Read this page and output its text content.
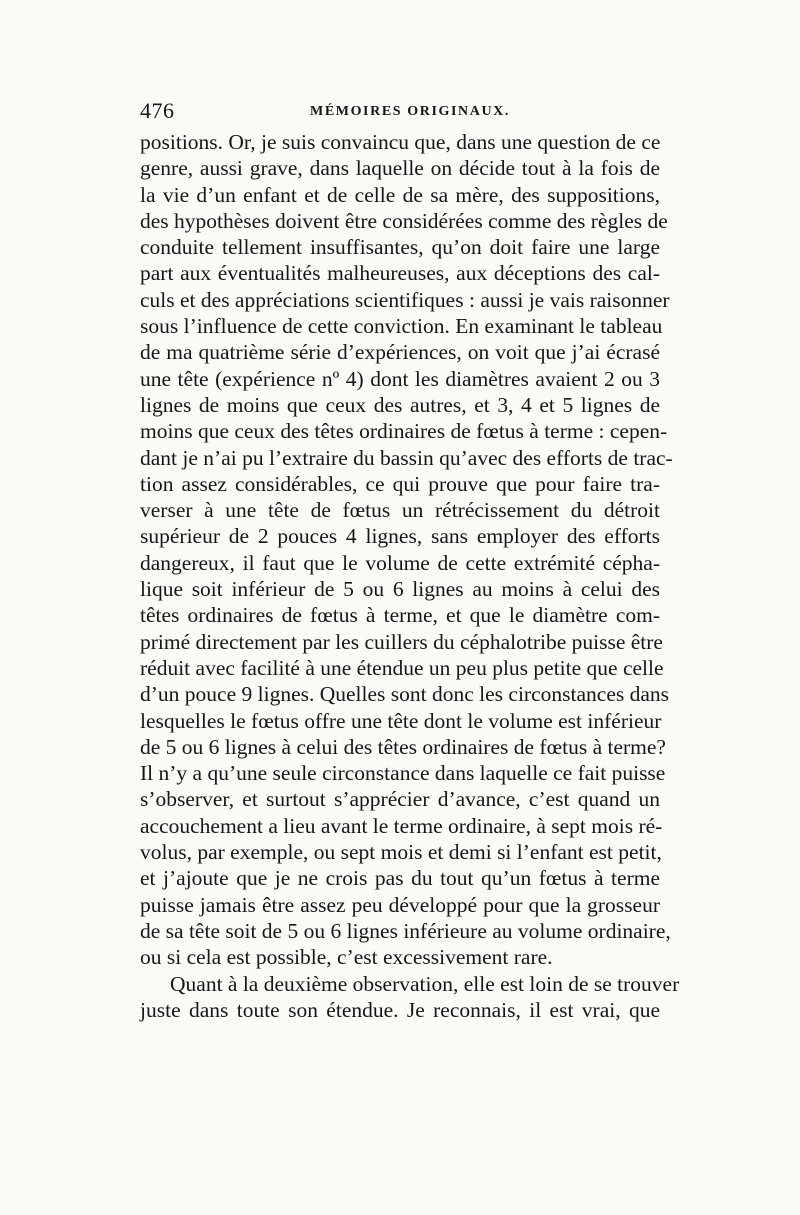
476	MÉMOIRES ORIGINAUX.
positions. Or, je suis convaincu que, dans une question de ce
genre, aussi grave, dans laquelle on décide tout à la fois de
la vie d’un enfant et de celle de sa mère, des suppositions,
des hypothèses doivent être considérées comme des règles de
conduite tellement insuffisantes, qu’on doit faire une large
part aux éventualités malheureuses, aux déceptions des cal-
culs et des appréciations scientifiques : aussi je vais raisonner
sous l’influence de cette conviction. En examinant le tableau
de ma quatrième série d’expériences, on voit que j’ai écrasé
une tête (expérience nº 4) dont les diamètres avaient 2 ou 3
lignes de moins que ceux des autres, et 3, 4 et 5 lignes de
moins que ceux des têtes ordinaires de fœtus à terme : cepen-
dant je n’ai pu l’extraire du bassin qu’avec des efforts de trac-
tion assez considérables, ce qui prouve que pour faire tra-
verser à une tête de fœtus un rétrécissement du détroit
supérieur de 2 pouces 4 lignes, sans employer des efforts
dangereux, il faut que le volume de cette extrémité cépha-
lique soit inférieur de 5 ou 6 lignes au moins à celui des
têtes ordinaires de fœtus à terme, et que le diamètre com-
primé directement par les cuillers du céphalotribe puisse être
réduit avec facilité à une étendue un peu plus petite que celle
d’un pouce 9 lignes. Quelles sont donc les circonstances dans
lesquelles le fœtus offre une tête dont le volume est inférieur
de 5 ou 6 lignes à celui des têtes ordinaires de fœtus à terme?
Il n’y a qu’une seule circonstance dans laquelle ce fait puisse
s’observer, et surtout s’apprécier d’avance, c’est quand un
accouchement a lieu avant le terme ordinaire, à sept mois ré-
volus, par exemple, ou sept mois et demi si l’enfant est petit,
et j’ajoute que je ne crois pas du tout qu’un fœtus à terme
puisse jamais être assez peu développé pour que la grosseur
de sa tête soit de 5 ou 6 lignes inférieure au volume ordinaire,
ou si cela est possible, c’est excessivement rare.
Quant à la deuxième observation, elle est loin de se trouver
juste dans toute son étendue. Je reconnais, il est vrai, que
